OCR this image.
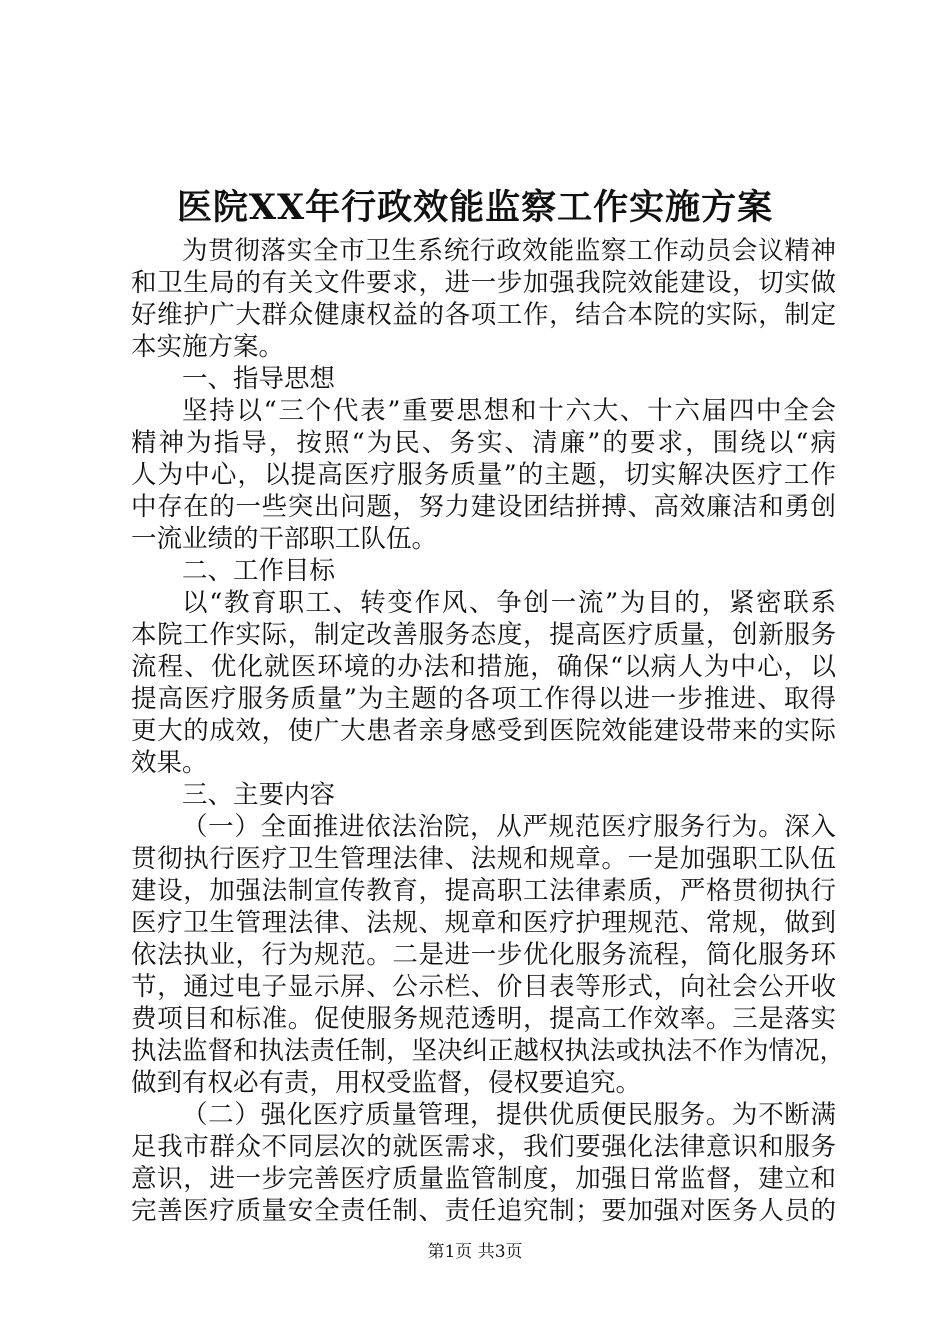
医院XX年行政效能监察工作实施方案
为贯彻落实全市卫生系统行政效能监察工作动员会议精神
和卫生局的有关文件要求，进一步加强我院效能建设，切实做
好维护广大群众健康权益的各项工作，结合本院的实际，制定
本实施方案。
一、指导思想
坚持以“三个代表”重要思想和十六大、十六届四中全会
精神为指导，按照“为民、务实、清廉”的要求，围绕以“病
人为中心，以提高医疗服务质量”的主题，切实解决医疗工作
中存在的一些突出问题，努力建设团结拼搏、高效廉洁和勇创
一流业绩的干部职工队伍。
二、工作目标
以“教育职工、转变作风、争创一流”为目的，紧密联系
本院工作实际，制定改善服务态度，提高医疗质量，创新服务
流程、优化就医环境的办法和措施，确保“以病人为中心，以
提高医疗服务质量”为主题的各项工作得以进一步推进、取得
更大的成效，使广大患者亲身感受到医院效能建设带来的实际
效果。
三、主要内容
（一）全面推进依法治院，从严规范医疗服务行为。深入
贯彻执行医疗卫生管理法律、法规和规章。一是加强职工队伍
建设，加强法制宣传教育，提高职工法律素质，严格贯彻执行
医疗卫生管理法律、法规、规章和医疗护理规范、常规，做到
依法执业，行为规范。二是进一步优化服务流程，简化服务环
节，通过电子显示屏、公示栏、价目表等形式，向社会公开收
费项目和标准。促使服务规范透明，提高工作效率。三是落实
执法监督和执法责任制，坚决纠正越权执法或执法不作为情况，
做到有权必有责，用权受监督，侵权要追究。
（二）强化医疗质量管理，提供优质便民服务。为不断满
足我市群众不同层次的就医需求，我们要强化法律意识和服务
意识，进一步完善医疗质量监管制度，加强日常监督，建立和
完善医疗质量安全责任制、责任追究制；要加强对医务人员的
第1页 共3页
